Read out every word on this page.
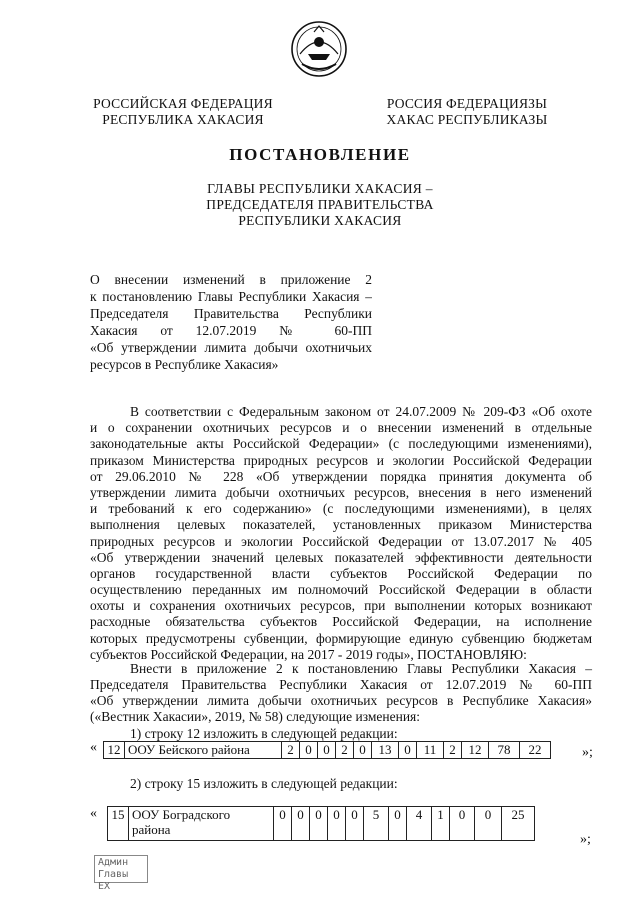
РОССИЙСКАЯ ФЕДЕРАЦИЯ
РЕСПУБЛИКА ХАКАСИЯ
РОССИЯ ФЕДЕРАЦИЯЗЫ
ХАКАС РЕСПУБЛИКАЗЫ
ПОСТАНОВЛЕНИЕ
ГЛАВЫ РЕСПУБЛИКИ ХАКАСИЯ –
ПРЕДСЕДАТЕЛЯ ПРАВИТЕЛЬСТВА
РЕСПУБЛИКИ ХАКАСИЯ
О внесении изменений в приложение 2
к постановлению Главы Республики Хакасия –
Председателя Правительства Республики
Хакасия от 12.07.2019 № 60-ПП
«Об утверждении лимита добычи охотничьих
ресурсов в Республике Хакасия»
В соответствии с Федеральным законом от 24.07.2009 № 209-ФЗ «Об охоте
и о сохранении охотничьих ресурсов и о внесении изменений в отдельные
законодательные акты Российской Федерации» (с последующими изменениями),
приказом Министерства природных ресурсов и экологии Российской Федерации
от 29.06.2010 № 228 «Об утверждении порядка принятия документа об
утверждении лимита добычи охотничьих ресурсов, внесения в него изменений
и требований к его содержанию» (с последующими изменениями), в целях
выполнения целевых показателей, установленных приказом Министерства
природных ресурсов и экологии Российской Федерации от 13.07.2017 № 405
«Об утверждении значений целевых показателей эффективности деятельности
органов государственной власти субъектов Российской Федерации по
осуществлению переданных им полномочий Российской Федерации в области
охоты и сохранения охотничьих ресурсов, при выполнении которых возникают
расходные обязательства субъектов Российской Федерации, на исполнение
которых предусмотрены субвенции, формирующие единую субвенцию бюджетам
субъектов Российской Федерации, на 2017 - 2019 годы», ПОСТАНОВЛЯЮ:
Внести в приложение 2 к постановлению Главы Республики Хакасия –
Председателя Правительства Республики Хакасия от 12.07.2019 № 60-ПП
«Об утверждении лимита добычи охотничьих ресурсов в Республике Хакасия»
(«Вестник Хакасии», 2019, № 58) следующие изменения:
1) строку 12 изложить в следующей редакции:
« 12	ООУ Бейского района	2	0	0	2	0	13	0	11	2	12	78	22	»;
2) строку 15 изложить в следующей редакции:
« 15	ООУ Боградского района	0	0	0	0	0	5	0	4	1	0	0	25
»;
Админ
Главы ЕХ
